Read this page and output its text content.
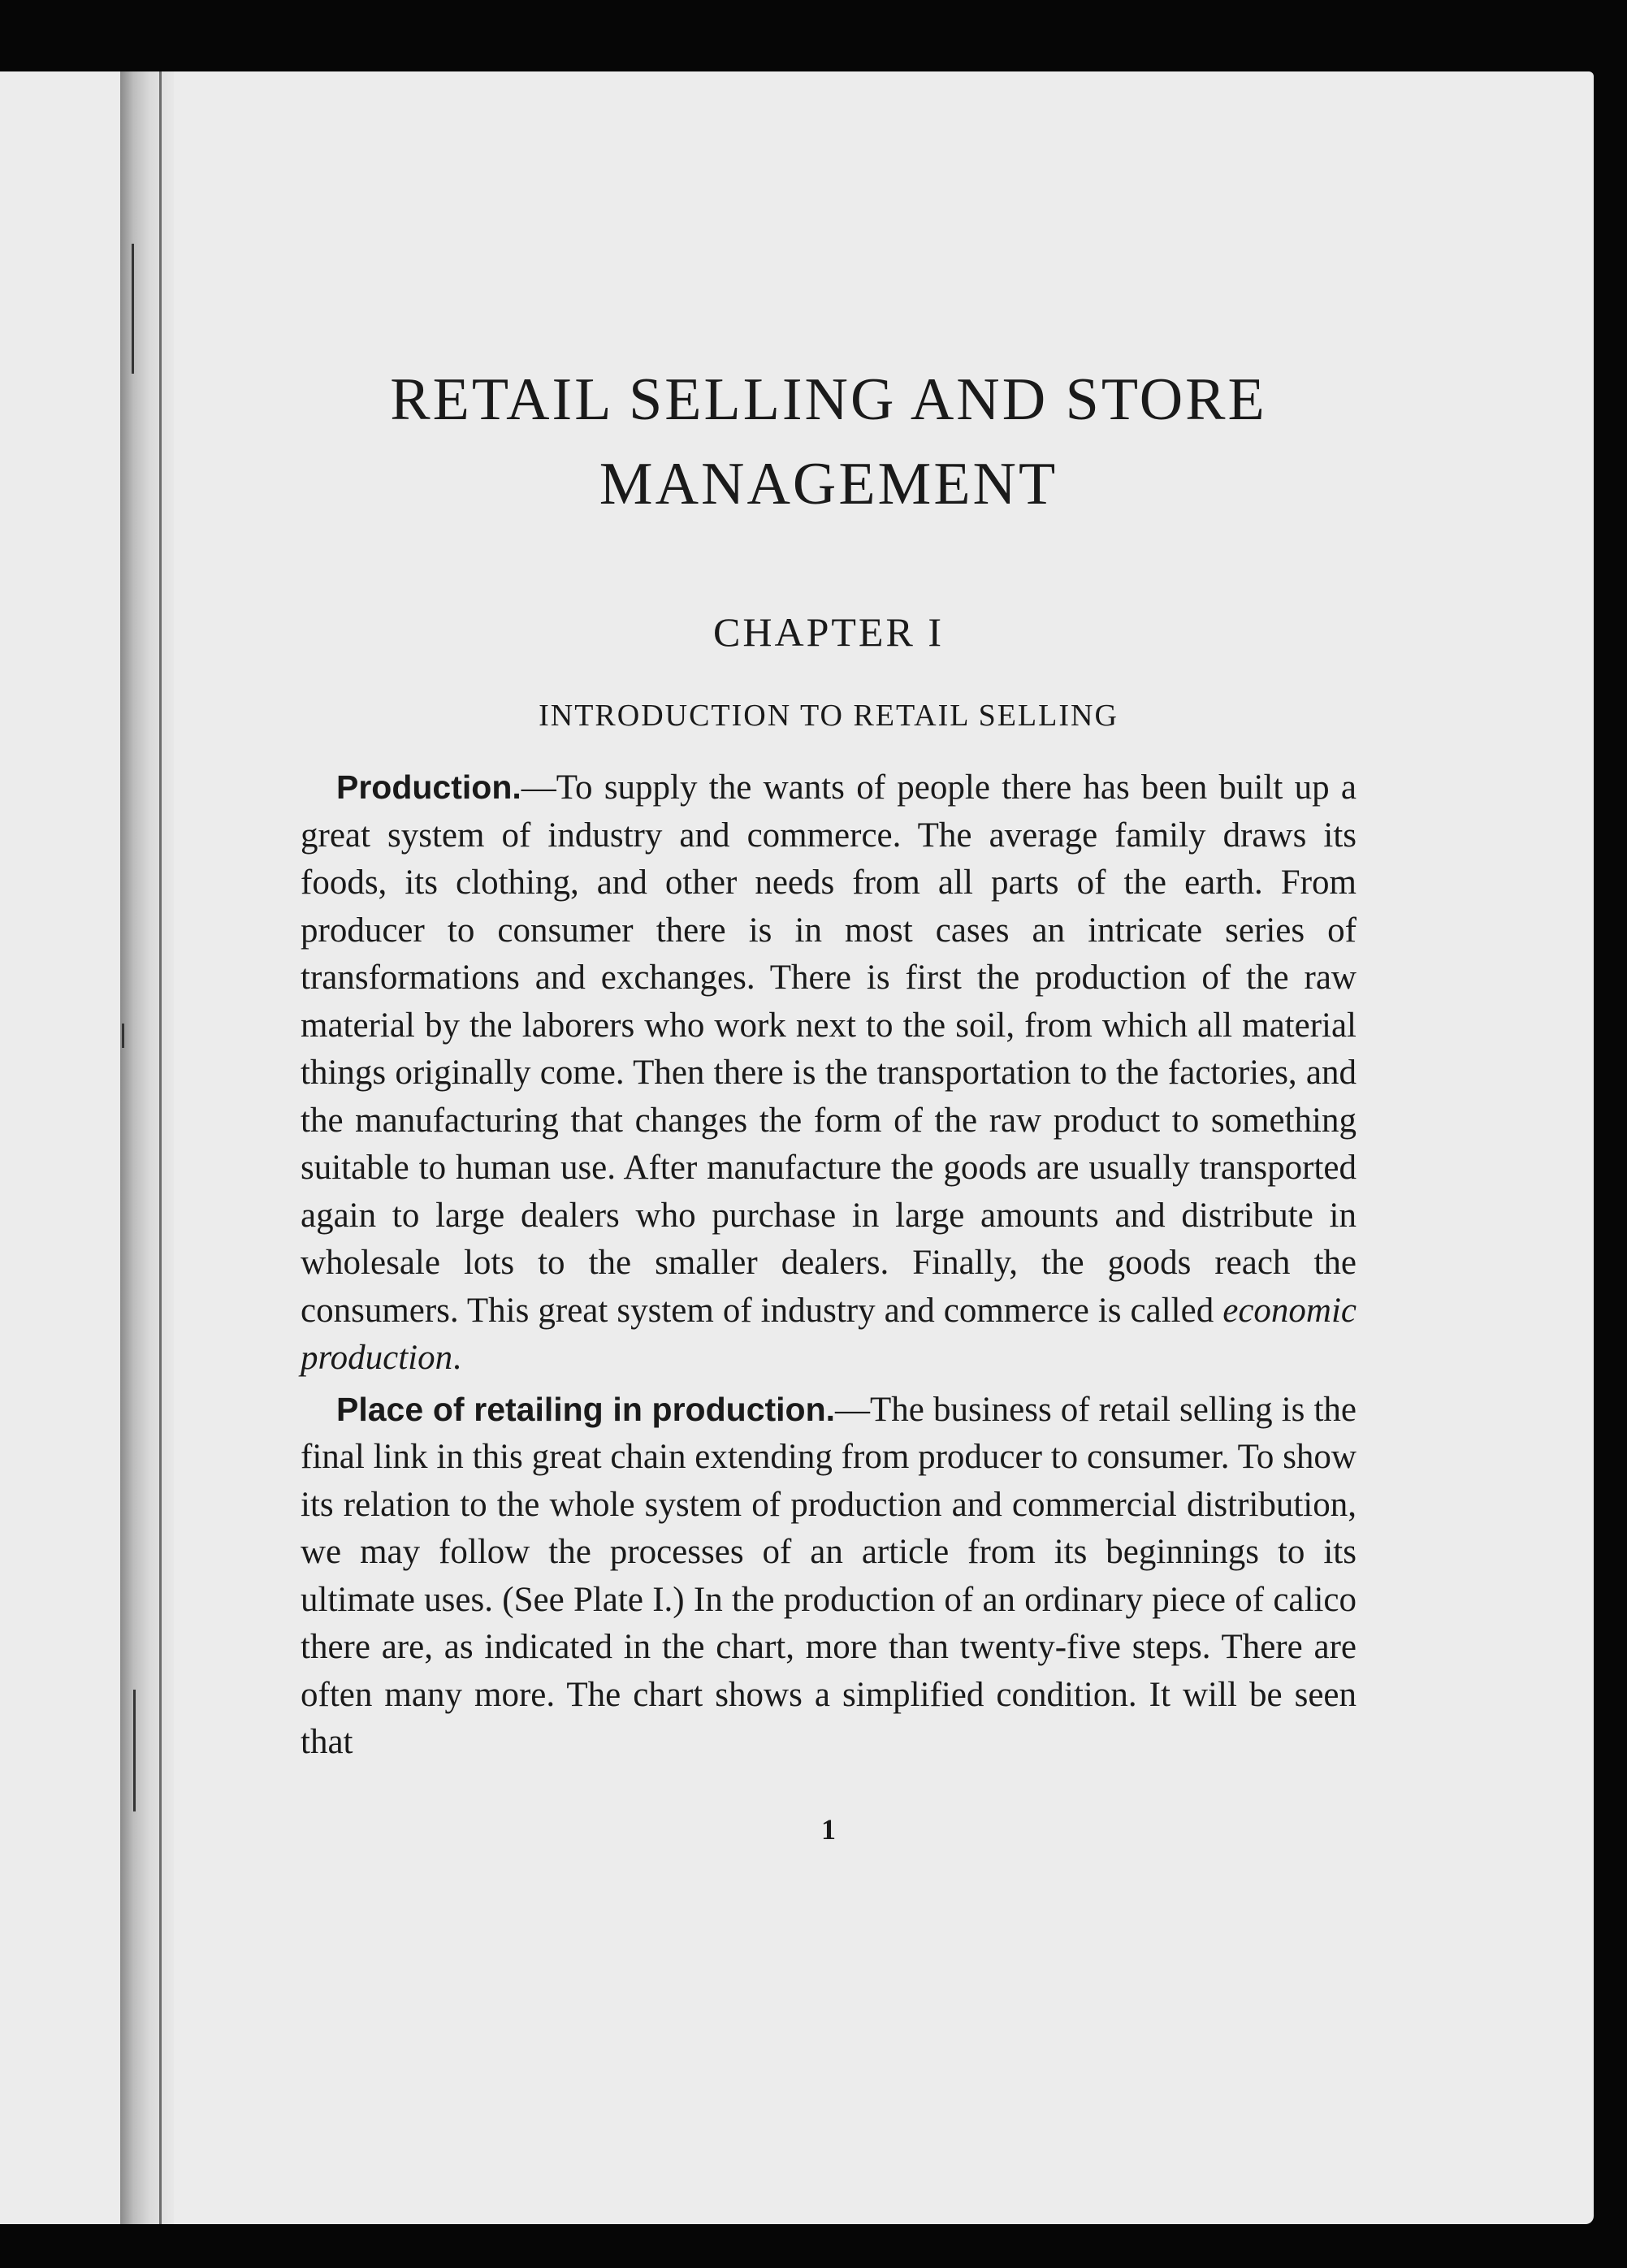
RETAIL SELLING AND STORE MANAGEMENT
CHAPTER I
INTRODUCTION TO RETAIL SELLING

Production.—To supply the wants of people there has been built up a great system of industry and commerce. The average family draws its foods, its clothing, and other needs from all parts of the earth. From producer to consumer there is in most cases an intricate series of transformations and exchanges. There is first the production of the raw material by the laborers who work next to the soil, from which all material things originally come. Then there is the transportation to the factories, and the manufacturing that changes the form of the raw product to something suitable to human use. After manufacture the goods are usually transported again to large dealers who purchase in large amounts and distribute in wholesale lots to the smaller dealers. Finally, the goods reach the consumers. This great system of industry and commerce is called economic production.

Place of retailing in production.—The business of retail selling is the final link in this great chain extending from producer to consumer. To show its relation to the whole system of production and commercial distribution, we may follow the processes of an article from its beginnings to its ultimate uses. (See Plate I.) In the production of an ordinary piece of calico there are, as indicated in the chart, more than twenty-five steps. There are often many more. The chart shows a simplified condition. It will be seen that

1
